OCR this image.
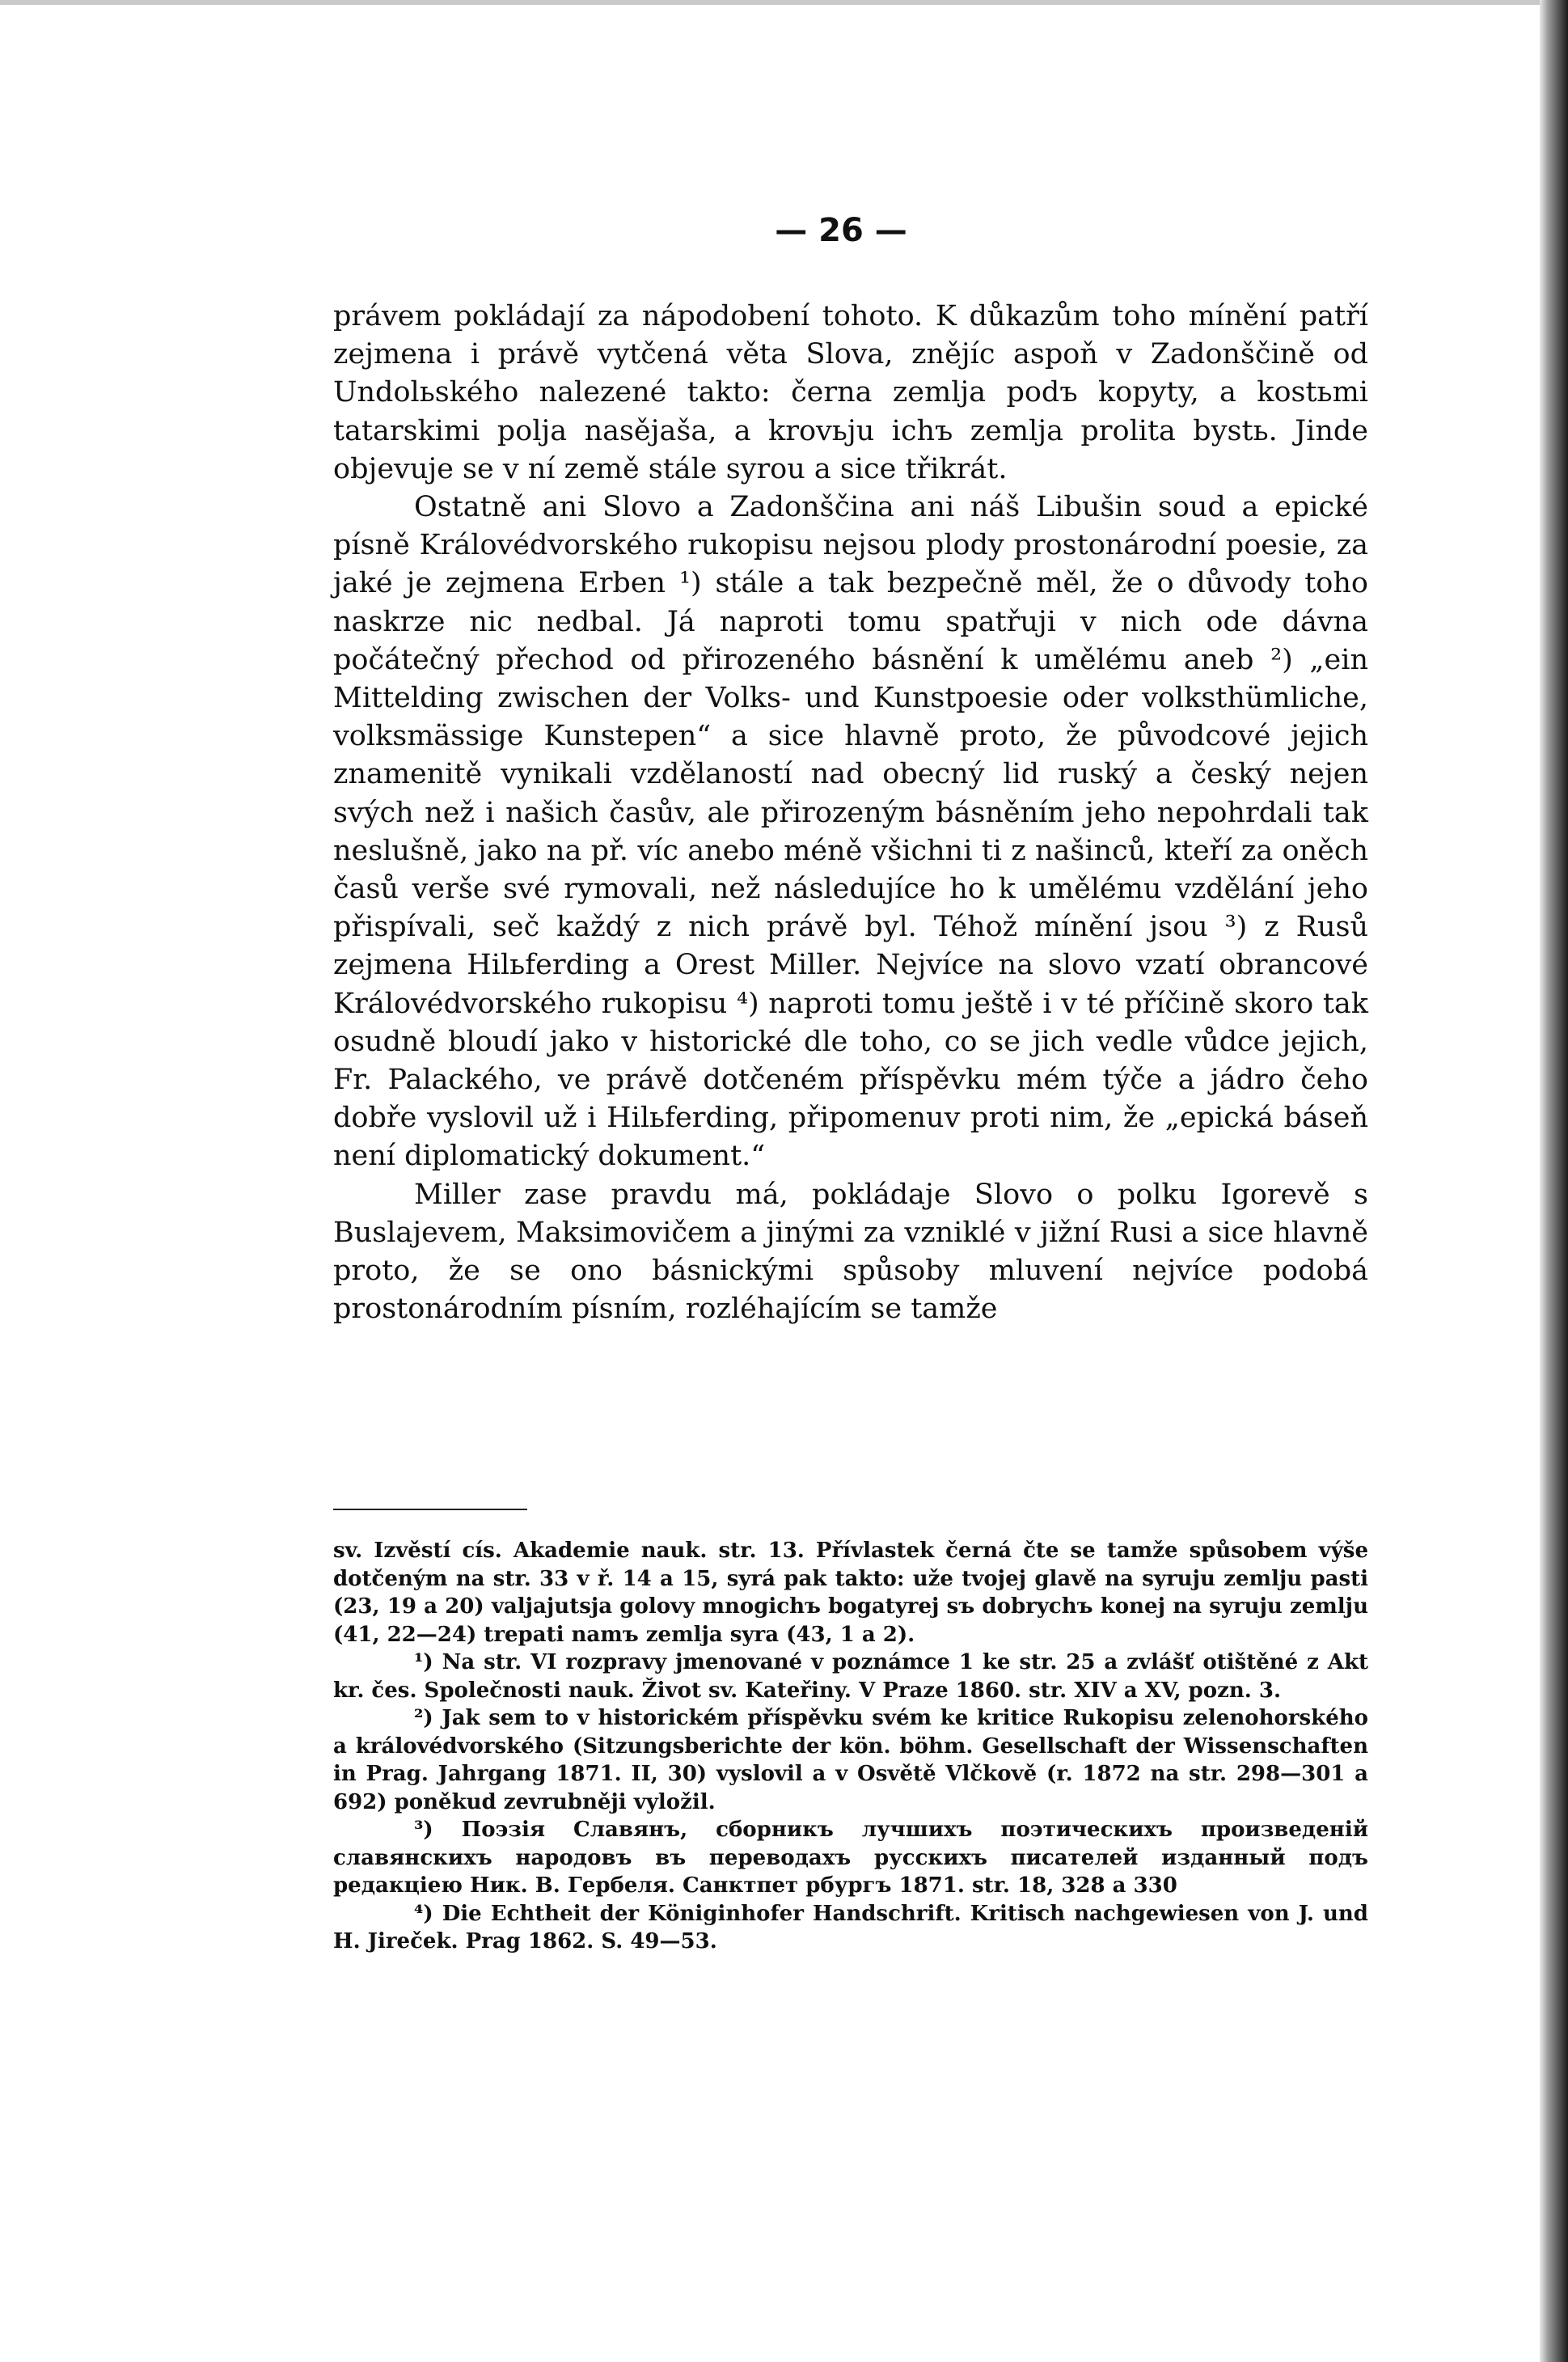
— 26 —

právem pokládají za nápodobení tohoto. K důkazům toho mínění patří zejmena i právě vytčená věta Slova, znějíc aspoň v Zadonščině od Undolьského nalezené takto: černa zemlja podъ kopyty, a kostьmi tatarskimi polja nasějaša, a krovьju ichъ zemlja prolita bystь. Jinde objevuje se v ní země stále syrou a sice třikrát.

Ostatně ani Slovo a Zadonščina ani náš Libušin soud a epické písně Královédvorského rukopisu nejsou plody prostonárodní poesie, za jaké je zejmena Erben ¹) stále a tak bezpečně měl, že o důvody toho naskrze nic nedbal. Já naproti tomu spatřuji v nich ode dávna počátečný přechod od přirozeného básnění k umělému aneb ²) „ein Mittelding zwischen der Volks- und Kunstpoesie oder volksthümliche, volksmässige Kunstepen“ a sice hlavně proto, že původcové jejich znamenitě vynikali vzdělaností nad obecný lid ruský a český nejen svých než i našich časův, ale přirozeným básněním jeho nepohrdali tak neslušně, jako na př. víc anebo méně všichni ti z našinců, kteří za oněch časů verše své rymovali, než následujíce ho k umělému vzdělání jeho přispívali, seč každý z nich právě byl. Téhož mínění jsou ³) z Rusů zejmena Hilьferding a Orest Miller. Nejvíce na slovo vzatí obrancové Královédvorského rukopisu ⁴) naproti tomu ještě i v té příčině skoro tak osudně bloudí jako v historické dle toho, co se jich vedle vůdce jejich, Fr. Palackého, ve právě dotčeném příspěvku mém týče a jádro čeho dobře vyslovil už i Hilьferding, připomenuv proti nim, že „epická báseň není diplomatický dokument.“

Miller zase pravdu má, pokládaje Slovo o polku Igorevě s Buslajevem, Maksimovičem a jinými za vzniklé v jižní Rusi a sice hlavně proto, že se ono básnickými spůsoby mluvení nejvíce podobá prostonárodním písním, rozléhajícím se tamže

sv. Izvěstí cís. Akademie nauk. str. 13. Přívlastek černá čte se tamže spůsobem výše dotčeným na str. 33 v ř. 14 a 15, syrá pak takto: uže tvojej glavě na syruju zemlju pasti (23, 19 a 20) valjajutsja golovy mnogichъ bogatyrej sъ dobrychъ konej na syruju zemlju (41, 22—24) trepati namъ zemlja syra (43, 1 a 2).

¹) Na str. VI rozpravy jmenované v poznámce 1 ke str. 25 a zvlášť otištěné z Akt kr. čes. Společnosti nauk. Život sv. Kateřiny. V Praze 1860. str. XIV a XV, pozn. 3.

²) Jak sem to v historickém příspěvku svém ke kritice Rukopisu zelenohorského a královédvorského (Sitzungsberichte der kön. böhm. Gesellschaft der Wissenschaften in Prag. Jahrgang 1871. II, 30) vyslovil a v Osvětě Vlčkově (r. 1872 na str. 298—301 a 692) poněkud zevrubněji vyložil.

³) Поэзія Славянъ, сборникъ лучшихъ поэтическихъ произведеній славянскихъ народовъ въ переводахъ русскихъ писателей изданный подъ редакціею Ник. В. Гербеля. Санктпет рбургъ 1871. str. 18, 328 a 330

⁴) Die Echtheit der Königinhofer Handschrift. Kritisch nachgewiesen von J. und H. Jireček. Prag 1862. S. 49—53.
